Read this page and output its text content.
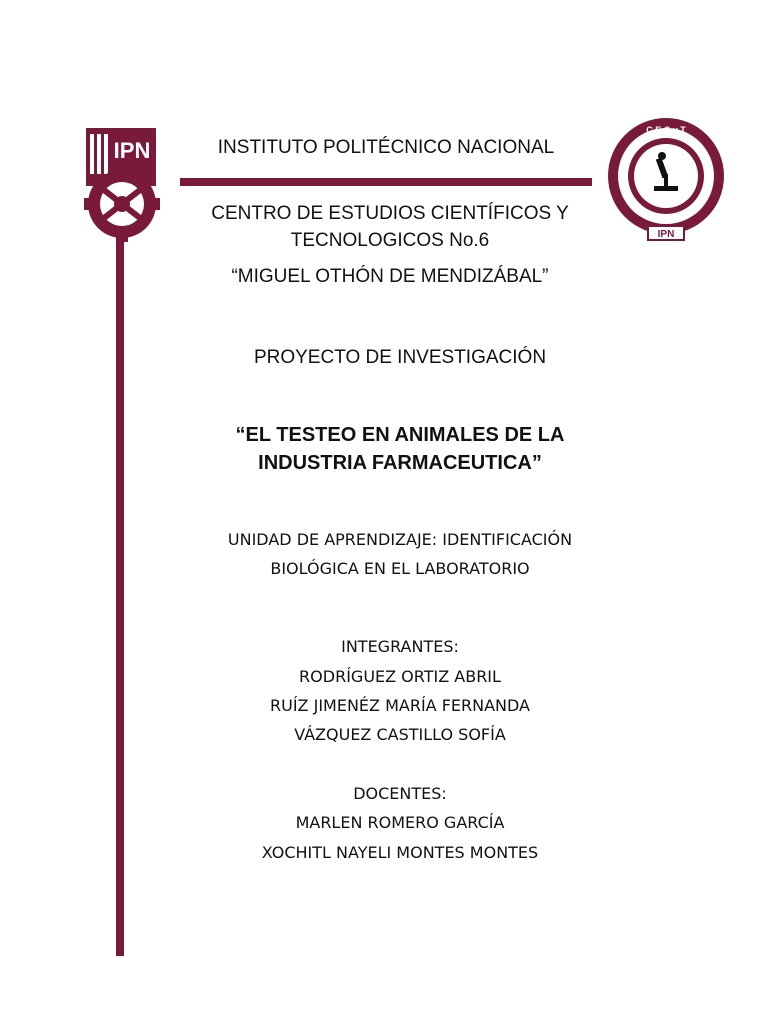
IPN
C.E.C.y T
IPN
INSTITUTO POLITÉCNICO NACIONAL
CENTRO DE ESTUDIOS CIENTÍFICOS Y
TECNOLOGICOS No.6
“MIGUEL OTHÓN DE MENDIZÁBAL”
PROYECTO DE INVESTIGACIÓN
“EL TESTEO EN ANIMALES DE LA
INDUSTRIA FARMACEUTICA”
UNIDAD DE APRENDIZAJE: IDENTIFICACIÓN
BIOLÓGICA EN EL LABORATORIO
INTEGRANTES:
RODRÍGUEZ ORTIZ ABRIL
RUÍZ JIMENÉZ MARÍA FERNANDA
VÁZQUEZ CASTILLO SOFÍA
DOCENTES:
MARLEN ROMERO GARCÍA
XOCHITL NAYELI MONTES MONTES
